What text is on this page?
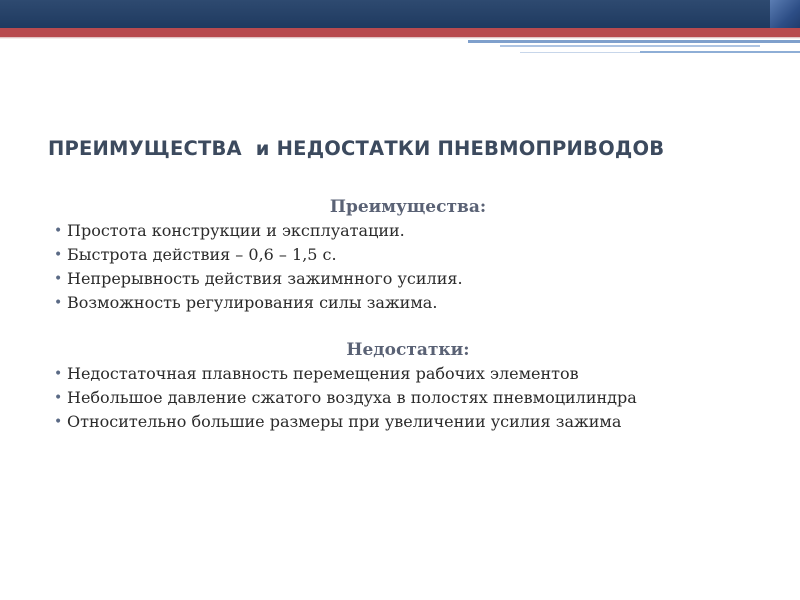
ПРЕИМУЩЕСТВА  и НЕДОСТАТКИ ПНЕВМОПРИВОДОВ
Преимущества:
• Простота конструкции и эксплуатации.
• Быстрота действия – 0,6 – 1,5 с.
• Непрерывность действия зажимнного усилия.
• Возможность регулирования силы зажима.
Недостатки:
• Недостаточная плавность перемещения рабочих элементов
• Небольшое давление сжатого воздуха в полостях пневмоцилиндра
• Относительно большие размеры при увеличении усилия зажима
